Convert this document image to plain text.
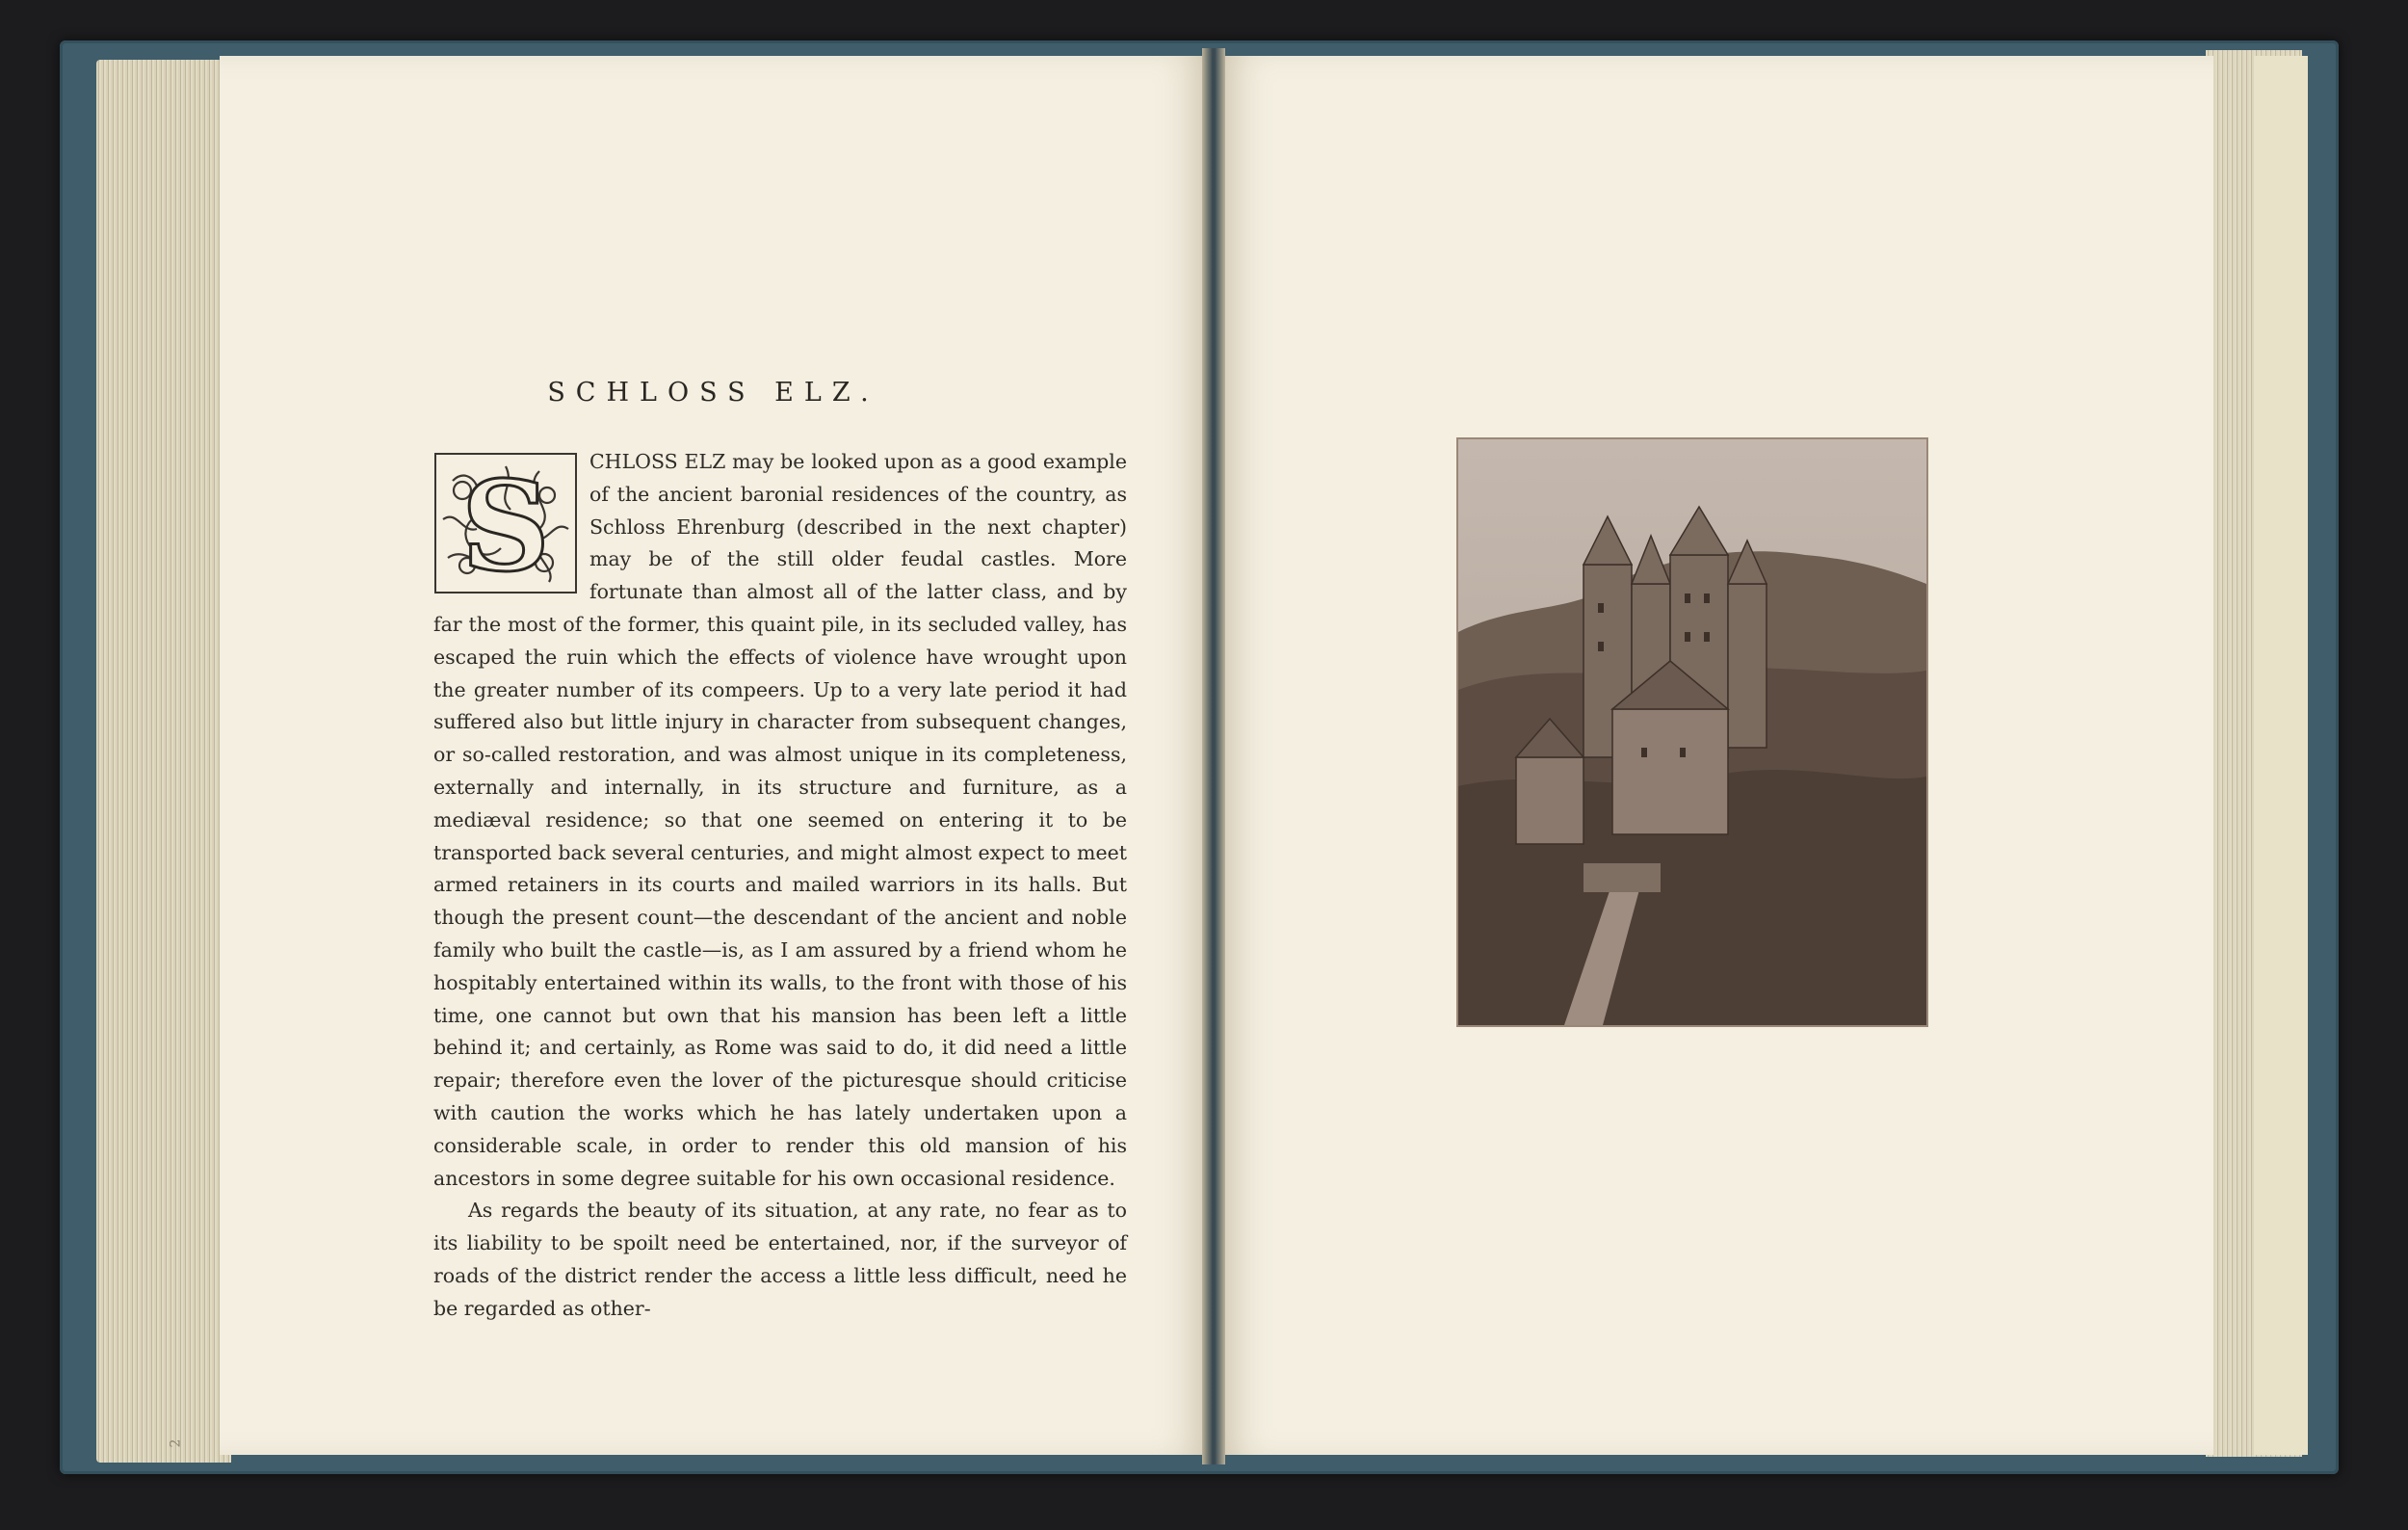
SCHLOSS ELZ.
S	CHLOSS ELZ may be looked upon as a good example of the ancient baronial residences of the country, as Schloss Ehrenburg (described in the next chapter) may be of the still older feudal castles. More fortunate than almost all of the latter class, and by far the most of the former, this quaint pile, in its secluded valley, has escaped the ruin which the effects of violence have wrought upon the greater number of its compeers. Up to a very late period it had suffered also but little injury in character from subsequent changes, or so-called restoration, and was almost unique in its completeness, externally and internally, in its structure and furniture, as a mediæval residence; so that one seemed on entering it to be transported back several centuries, and might almost expect to meet armed retainers in its courts and mailed warriors in its halls. But though the present count—the descendant of the ancient and noble family who built the castle—is, as I am assured by a friend whom he hospitably entertained within its walls, to the front with those of his time, one cannot but own that his mansion has been left a little behind it; and certainly, as Rome was said to do, it did need a little repair; therefore even the lover of the picturesque should criticise with caution the works which he has lately undertaken upon a considerable scale, in order to render this old mansion of his ancestors in some degree suitable for his own occasional residence.

As regards the beauty of its situation, at any rate, no fear as to its liability to be spoilt need be entertained, nor, if the surveyor of roads of the district render the access a little less difficult, need he be regarded as other-

2
